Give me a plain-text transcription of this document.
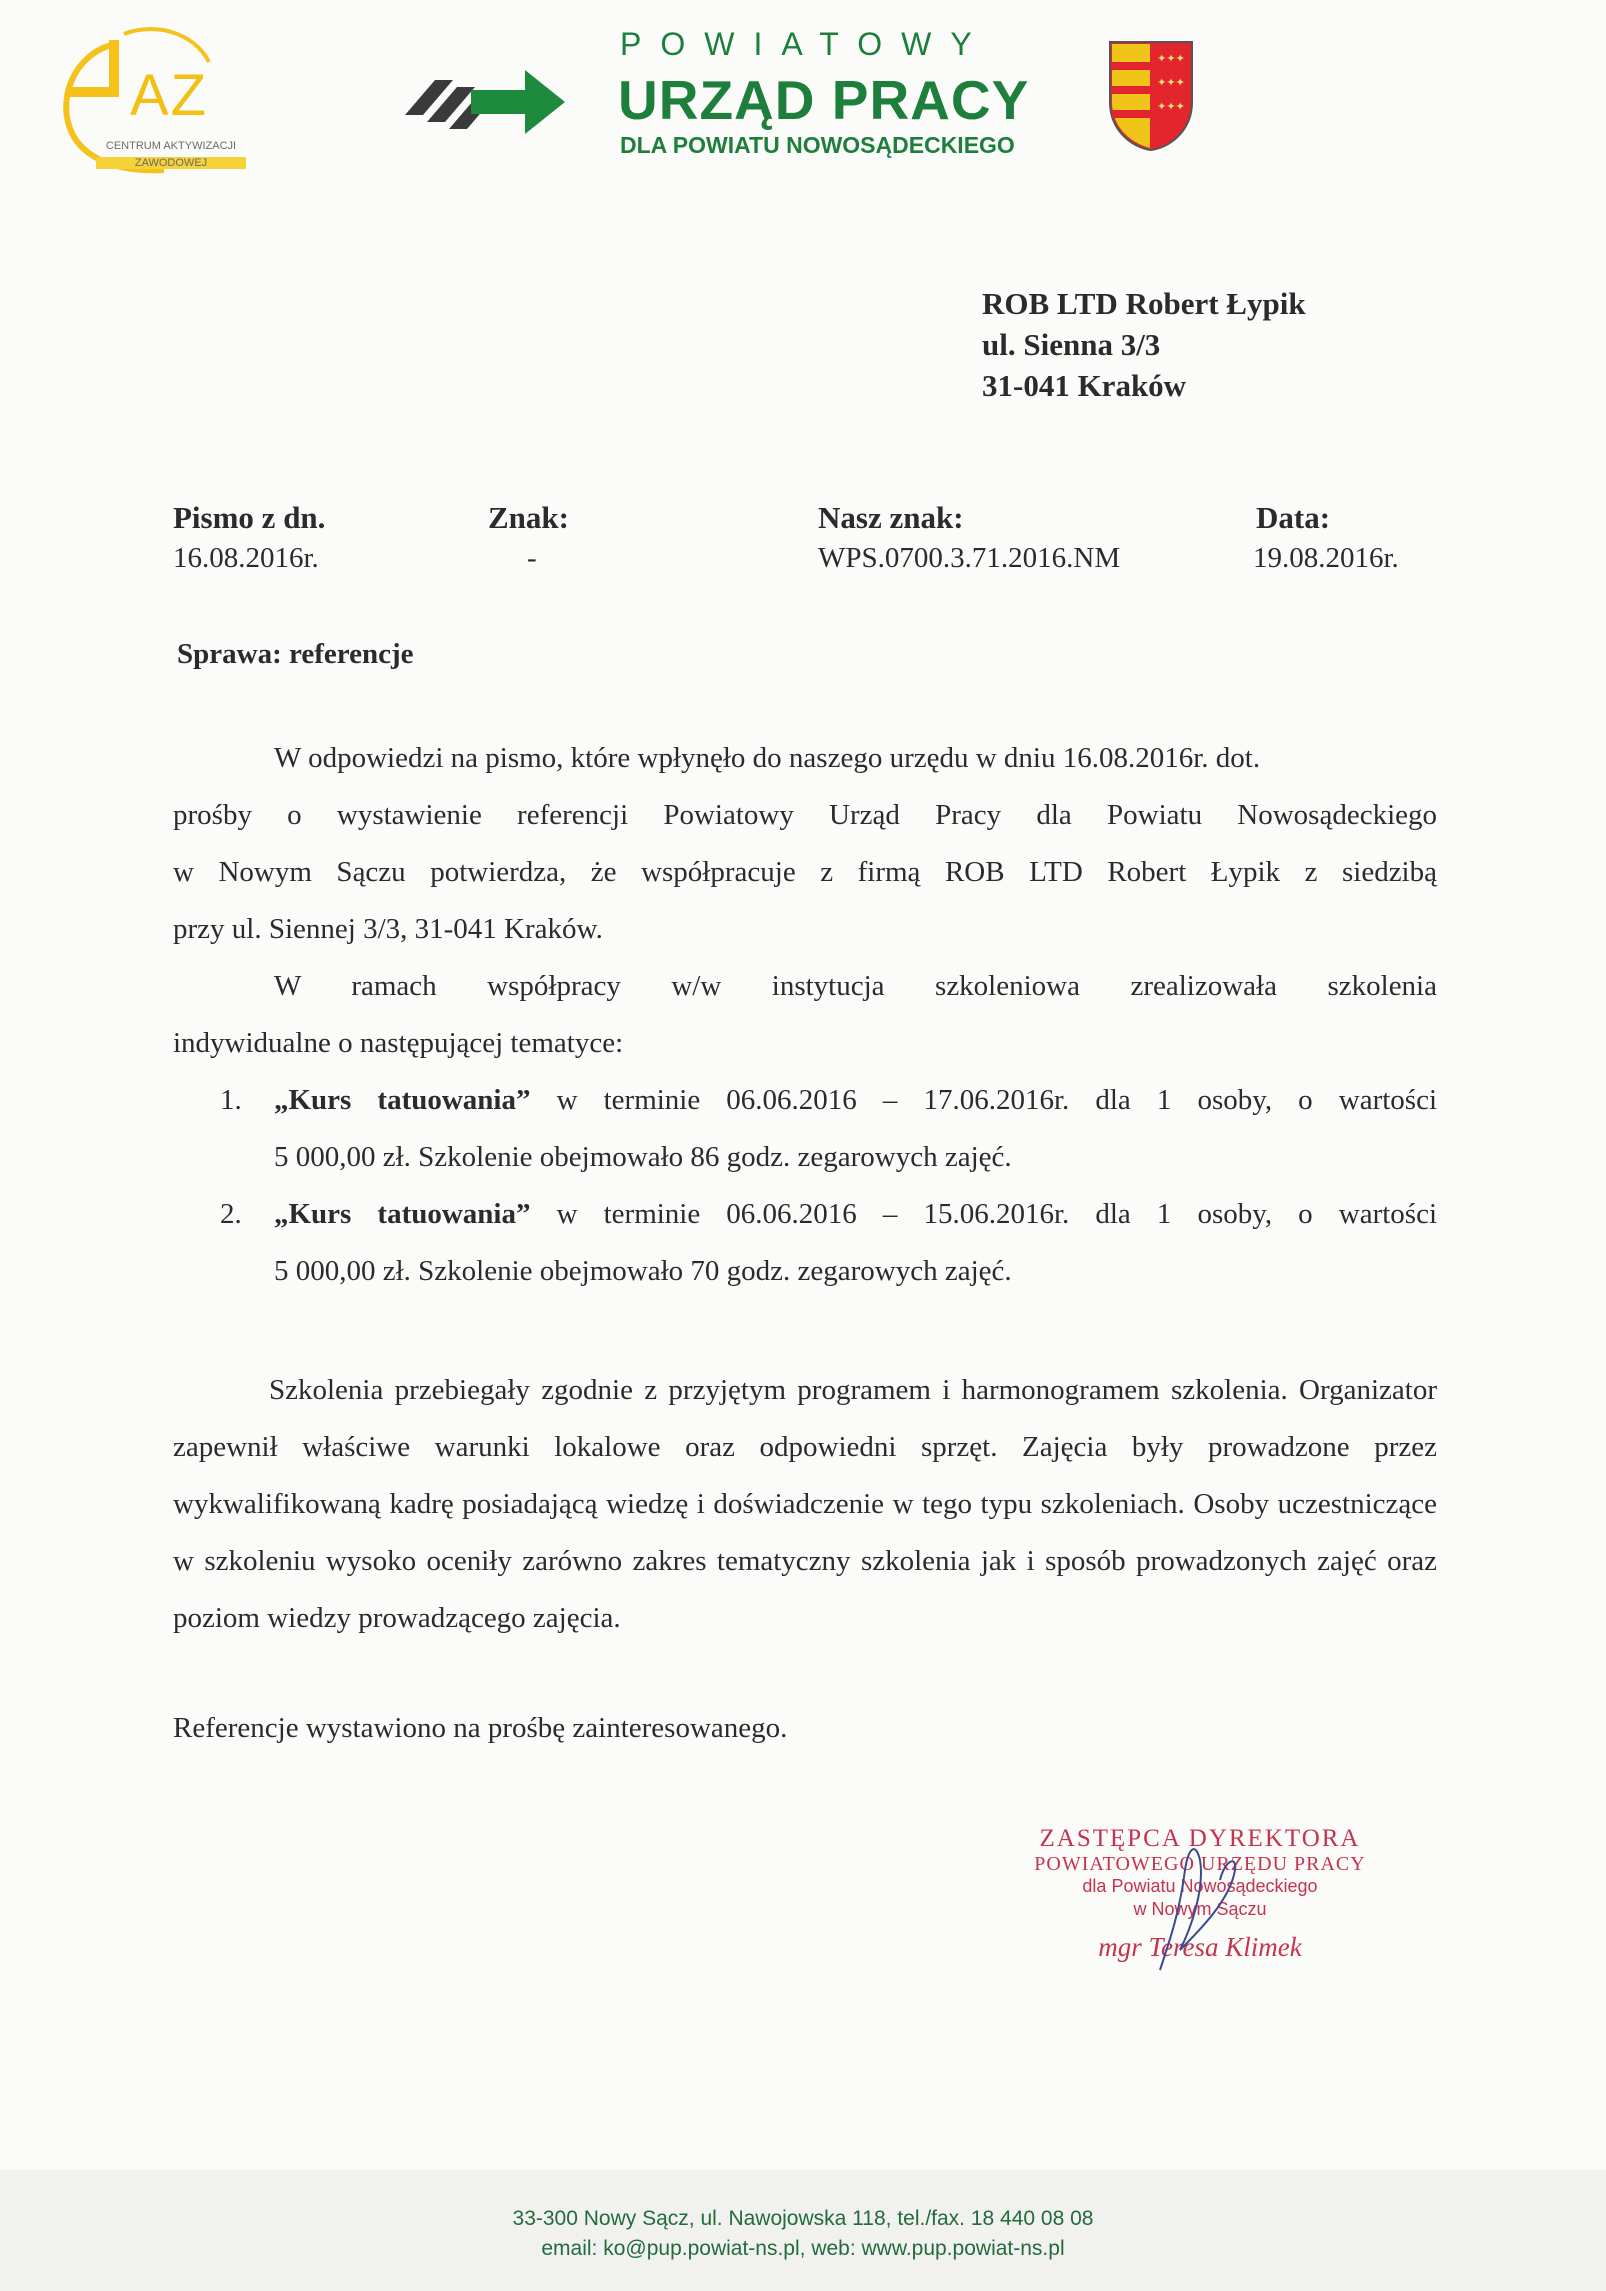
AZ
CENTRUM AKTYWIZACJI
ZAWODOWEJ
POWIATOWY
URZĄD PRACY
DLA POWIATU NOWOSĄDECKIEGO
✦✦✦
✦✦✦
✦✦✦
ROB LTD Robert Łypik
ul. Sienna 3/3
31-041 Kraków
Pismo z dn.
16.08.2016r.
Znak:
-
Nasz znak:
WPS.0700.3.71.2016.NM
Data:
19.08.2016r.
Sprawa: referencje
W odpowiedzi na pismo, które wpłynęło do naszego urzędu w dniu 16.08.2016r. dot.
prośby o wystawienie referencji Powiatowy Urząd Pracy dla Powiatu Nowosądeckiego
w Nowym Sączu potwierdza, że współpracuje z firmą ROB LTD Robert Łypik z siedzibą
przy ul. Siennej 3/3, 31-041 Kraków.
W ramach współpracy w/w instytucja szkoleniowa zrealizowała szkolenia
indywidualne o następującej tematyce:
1. „Kurs tatuowania” w terminie 06.06.2016 – 17.06.2016r. dla 1 osoby, o wartości
5 000,00 zł. Szkolenie obejmowało 86 godz. zegarowych zajęć.
2. „Kurs tatuowania” w terminie 06.06.2016 – 15.06.2016r. dla 1 osoby, o wartości
5 000,00 zł. Szkolenie obejmowało 70 godz. zegarowych zajęć.
Szkolenia przebiegały zgodnie z przyjętym programem i harmonogramem szkolenia. Organizator zapewnił właściwe warunki lokalowe oraz odpowiedni sprzęt. Zajęcia były prowadzone przez wykwalifikowaną kadrę posiadającą wiedzę i doświadczenie w tego typu szkoleniach. Osoby uczestniczące w szkoleniu wysoko oceniły zarówno zakres tematyczny szkolenia jak i sposób prowadzonych zajęć oraz poziom wiedzy prowadzącego zajęcia.
Referencje wystawiono na prośbę zainteresowanego.
ZASTĘPCA DYREKTORA
POWIATOWEGO URZĘDU PRACY
dla Powiatu Nowosądeckiego
w Nowym Sączu
mgr Teresa Klimek
33-300 Nowy Sącz, ul. Nawojowska 118, tel./fax. 18 440 08 08
email: ko@pup.powiat-ns.pl, web: www.pup.powiat-ns.pl
